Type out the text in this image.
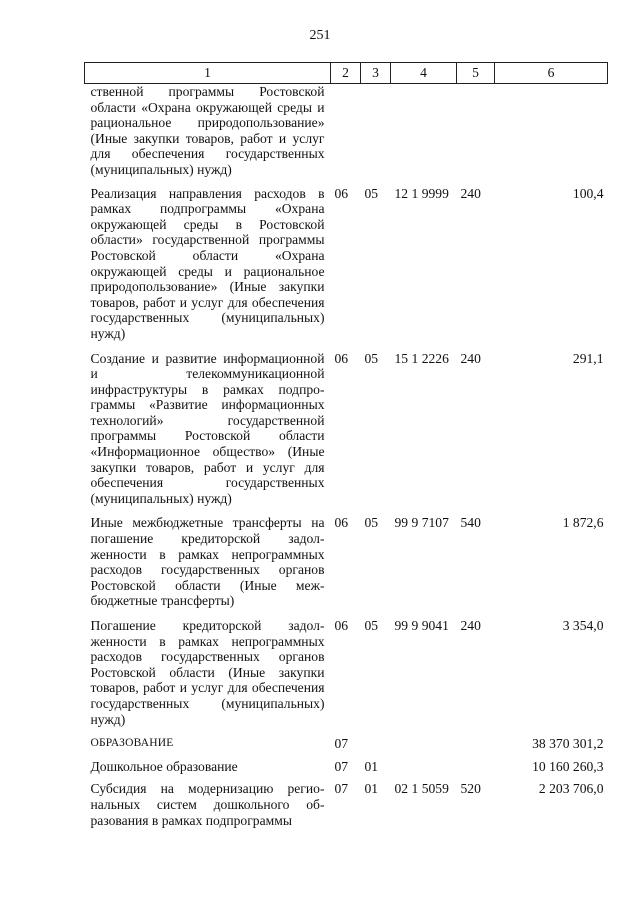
251
1	2	3	4	5	6
ственной программы Ростовской области «Охрана окружающей среды и рациональное природопользование» (Иные закупки товаров, работ и услуг для обеспечения государственных (муниципальных) нужд)					
Реализация направления расходов в рамках подпрограммы «Охрана окружающей среды в Ростовской области» государственной программы Ростовской области «Охрана окружающей среды и рациональное природопользование» (Иные закупки товаров, работ и услуг для обеспечения государственных (муниципальных) нужд)	06	05	12 1 9999	240	100,4
Создание и развитие информационной и телекоммуникационной инфраструктуры в рамках подпрограммы «Развитие информационных технологий» государственной программы Ростовской области «Информационное общество» (Иные закупки товаров, работ и услуг для обеспечения государственных (муниципальных) нужд)	06	05	15 1 2226	240	291,1
Иные межбюджетные трансферты на погашение кредиторской задолженности в рамках непрограммных расходов государственных органов Ростовской области (Иные межбюджетные трансферты)	06	05	99 9 7107	540	1 872,6
Погашение кредиторской задолженности в рамках непрограммных расходов государственных органов Ростовской области (Иные закупки товаров, работ и услуг для обеспечения государственных (муниципальных) нужд)	06	05	99 9 9041	240	3 354,0
ОБРАЗОВАНИЕ	07				38 370 301,2
Дошкольное образование	07	01			10 160 260,3
Субсидия на модернизацию региональных систем дошкольного образования в рамках подпрограммы	07	01	02 1 5059	520	2 203 706,0
